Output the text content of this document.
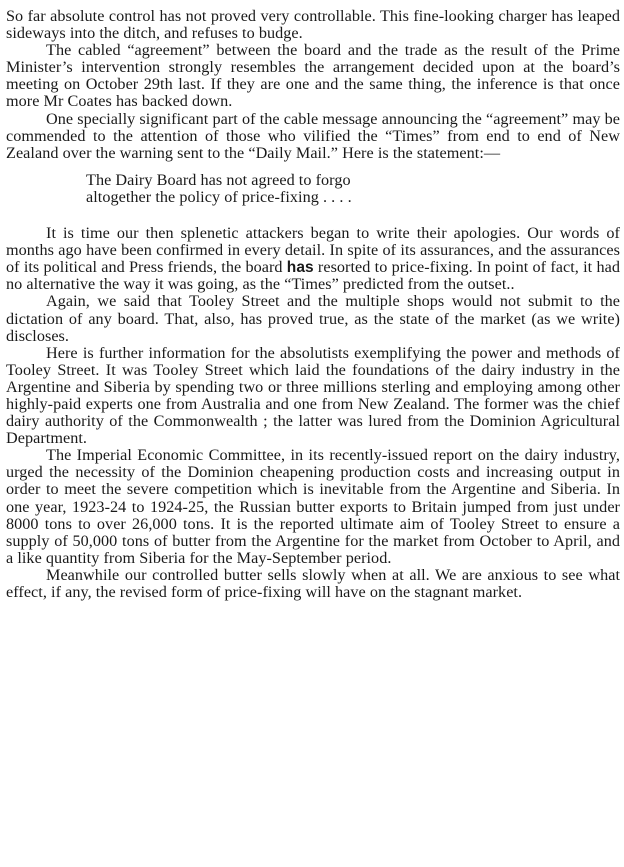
So far absolute control has not proved very controllable. This fine-looking charger has leaped sideways into the ditch, and refuses to budge.

The cabled “agreement” between the board and the trade as the result of the Prime Minister’s intervention strongly resembles the arrangement decided upon at the board’s meeting on October 29th last. If they are one and the same thing, the inference is that once more Mr Coates has backed down.

One specially significant part of the cable message announcing the “agreement” may be commended to the attention of those who vilified the “Times” from end to end of New Zealand over the warning sent to the “Daily Mail.” Here is the statement:—

The Dairy Board has not agreed to forgo
altogether the policy of price-fixing . . . .

It is time our then splenetic attackers began to write their apologies. Our words of months ago have been confirmed in every detail. In spite of its assurances, and the assurances of its political and Press friends, the board has resorted to price-fixing. In point of fact, it had no alternative the way it was going, as the “Times” predicted from the outset..

Again, we said that Tooley Street and the multiple shops would not submit to the dictation of any board. That, also, has proved true, as the state of the market (as we write) discloses.

Here is further information for the absolutists exemplifying the power and methods of Tooley Street. It was Tooley Street which laid the foundations of the dairy industry in the Argentine and Siberia by spending two or three millions sterling and employing among other highly-paid experts one from Australia and one from New Zealand. The former was the chief dairy authority of the Commonwealth ; the latter was lured from the Dominion Agricultural Department.

The Imperial Economic Committee, in its recently-issued report on the dairy industry, urged the necessity of the Dominion cheapening production costs and increasing output in order to meet the severe competition which is inevitable from the Argentine and Siberia. In one year, 1923-24 to 1924-25, the Russian butter exports to Britain jumped from just under 8000 tons to over 26,000 tons. It is the reported ultimate aim of Tooley Street to ensure a supply of 50,000 tons of butter from the Argentine for the market from October to April, and a like quantity from Siberia for the May-September period.

Meanwhile our controlled butter sells slowly when at all. We are anxious to see what effect, if any, the revised form of price-fixing will have on the stagnant market.
